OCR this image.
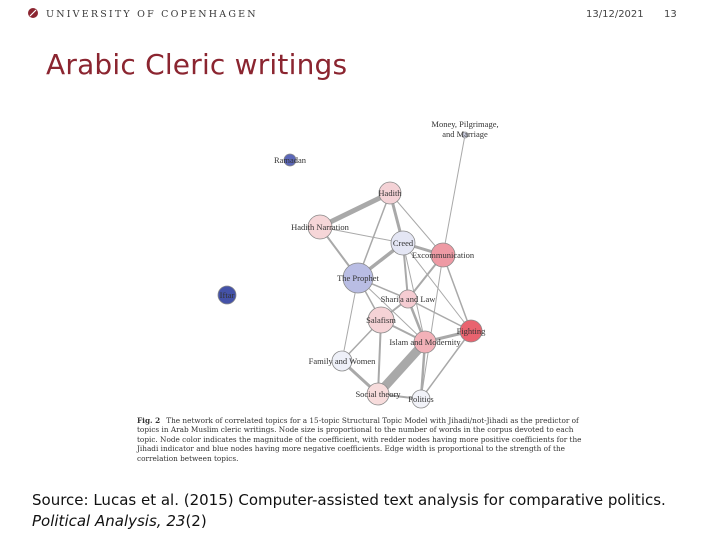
UNIVERSITY OF COPENHAGEN	13/12/2021 13
Arabic Cleric writings
Money, Pilgrimage, and Marriage
Ramadan
Hadith
Hadith Narration
Creed
Excommunication
The Prophet
Iftar	Shari'a and Law
Salafism
Fighting
Islam and Modernity
Family and Women
Social theory Politics
Fig. 2 The network of correlated topics for a 15-topic Structural Topic Model with Jihadi/not-Jihadi as the predictor of topics in Arab Muslim cleric writings. Node size is proportional to the number of words in the corpus devoted to each topic. Node color indicates the magnitude of the coefficient, with redder nodes having more positive coefficients for the Jihadi indicator and blue nodes having more negative coefficients. Edge width is proportional to the strength of the correlation between topics.
Source: Lucas et al. (2015) Computer-assisted text analysis for comparative politics.
Political Analysis, 23(2)
